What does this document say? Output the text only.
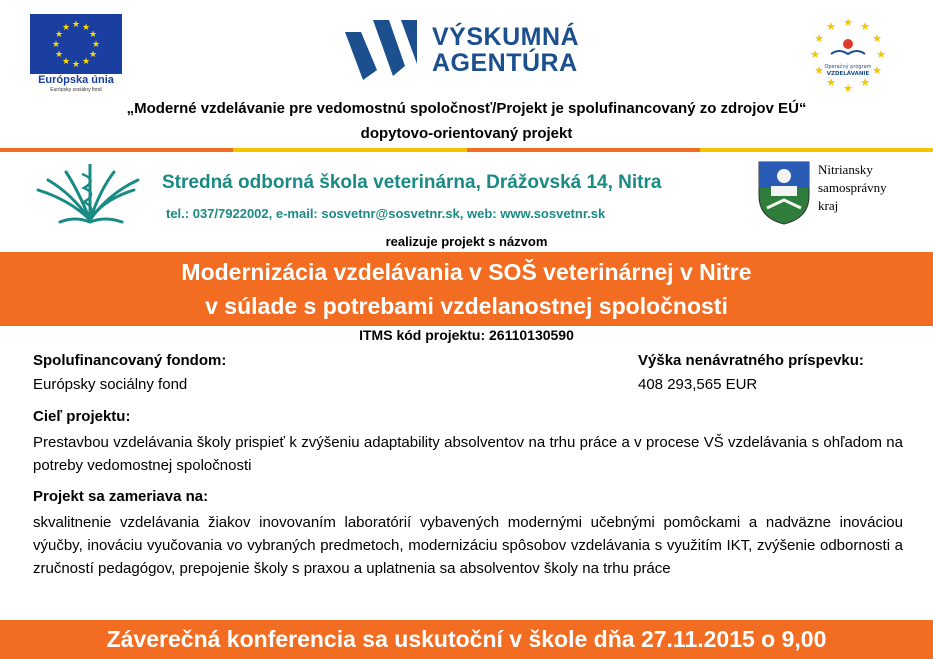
★ ★
★
★
★
★
★
★
★
★
★
★
Európska únia
Európsky sociálny fond
VÝSKUMNÁ
AGENTÚRA
★ ★
★
★
★
★
★
★
★
★
★
★
Operačný program
VZDELÁVANIE
„Moderné vzdelávanie pre vedomostnú spoločnosť/Projekt je spolufinancovaný zo zdrojov EÚ“
dopytovo-orientovaný projekt
Stredná odborná škola veterinárna, Drážovská 14, Nitra
tel.: 037/7922002, e-mail: sosvetnr@sosvetnr.sk, web: www.sosvetnr.sk
Nitriansky
samosprávny
kraj
realizuje projekt s názvom
Modernizácia vzdelávania v SOŠ veterinárnej v Nitre
v súlade s potrebami vzdelanostnej spoločnosti
ITMS kód projektu: 26110130590
Spolufinancovaný fondom:
Európsky sociálny fond
Výška nenávratného príspevku:
408 293,565 EUR
Cieľ projektu:
Prestavbou vzdelávania školy prispieť k zvýšeniu adaptability absolventov na trhu práce a v procese VŠ vzdelávania s ohľadom na potreby vedomostnej spoločnosti
Projekt sa zameriava na:
skvalitnenie vzdelávania žiakov inovovaním laboratórií vybavených modernými učebnými pomôckami a nadväzne inováciou výučby, inováciu vyučovania vo vybraných predmetoch, modernizáciu spôsobov vzdelávania s využitím IKT, zvýšenie odbornosti a zručností pedagógov, prepojenie školy s praxou a uplatnenia sa absolventov školy na trhu práce
Záverečná konferencia sa uskutoční v škole dňa 27.11.2015 o 9,00
